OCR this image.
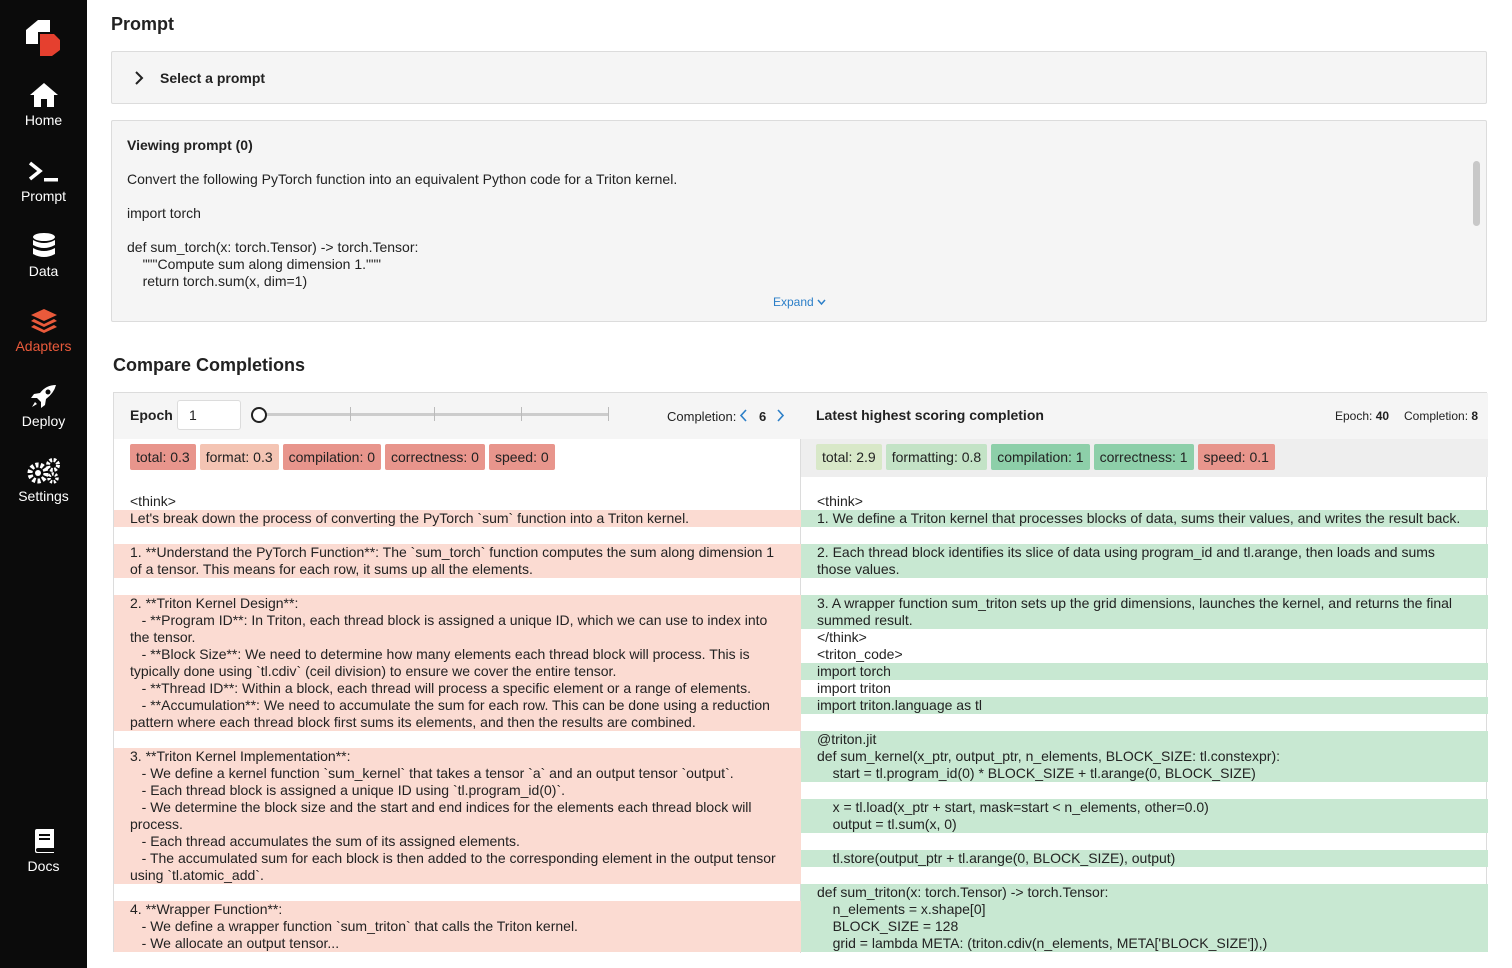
Home
Prompt
Data
Adapters
Deploy
Settings
Docs
Prompt
Select a prompt
Viewing prompt (0)
Convert the following PyTorch function into an equivalent Python code for a Triton kernel.

import torch

def sum_torch(x: torch.Tensor) -> torch.Tensor:
"""Compute sum along dimension 1."""
return torch.sum(x, dim=1)
Expand
Compare Completions
Epoch
1	Completion: 6
total: 0.3 format: 0.3 compilation: 0 correctness: 0 speed: 0
<think>
Let's break down the process of converting the PyTorch `sum` function into a Triton kernel.

1. **Understand the PyTorch Function**: The `sum_torch` function computes the sum along dimension 1 of a tensor. This means for each row, it sums up all the elements.

2. **Triton Kernel Design**:
- **Program ID**: In Triton, each thread block is assigned a unique ID, which we can use to index into the tensor.
- **Block Size**: We need to determine how many elements each thread block will process. This is typically done using `tl.cdiv` (ceil division) to ensure we cover the entire tensor.
- **Thread ID**: Within a block, each thread will process a specific element or a range of elements.
- **Accumulation**: We need to accumulate the sum for each row. This can be done using a reduction pattern where each thread block first sums its elements, and then the results are combined.

3. **Triton Kernel Implementation**:
- We define a kernel function `sum_kernel` that takes a tensor `a` and an output tensor `output`.
- Each thread block is assigned a unique ID using `tl.program_id(0)`.
- We determine the block size and the start and end indices for the elements each thread block will process.
- Each thread accumulates the sum of its assigned elements.
- The accumulated sum for each block is then added to the corresponding element in the output tensor using `tl.atomic_add`.

4. **Wrapper Function**:
- We define a wrapper function `sum_triton` that calls the Triton kernel.
- We allocate an output tensor...
Latest highest scoring completion	Epoch: 40 Completion: 8
total: 2.9 formatting: 0.8 compilation: 1 correctness: 1 speed: 0.1
<think>
1. We define a Triton kernel that processes blocks of data, sums their values, and writes the result back.

2. Each thread block identifies its slice of data using program_id and tl.arange, then loads and sums those values.

3. A wrapper function sum_triton sets up the grid dimensions, launches the kernel, and returns the final summed result.
</think>
<triton_code>
import torch
import triton
import triton.language as tl

@triton.jit
def sum_kernel(x_ptr, output_ptr, n_elements, BLOCK_SIZE: tl.constexpr):
start = tl.program_id(0) * BLOCK_SIZE + tl.arange(0, BLOCK_SIZE)

x = tl.load(x_ptr + start, mask=start < n_elements, other=0.0)
output = tl.sum(x, 0)

tl.store(output_ptr + tl.arange(0, BLOCK_SIZE), output)

def sum_triton(x: torch.Tensor) -> torch.Tensor:
n_elements = x.shape[0]
BLOCK_SIZE = 128
grid = lambda META: (triton.cdiv(n_elements, META['BLOCK_SIZE']),)
